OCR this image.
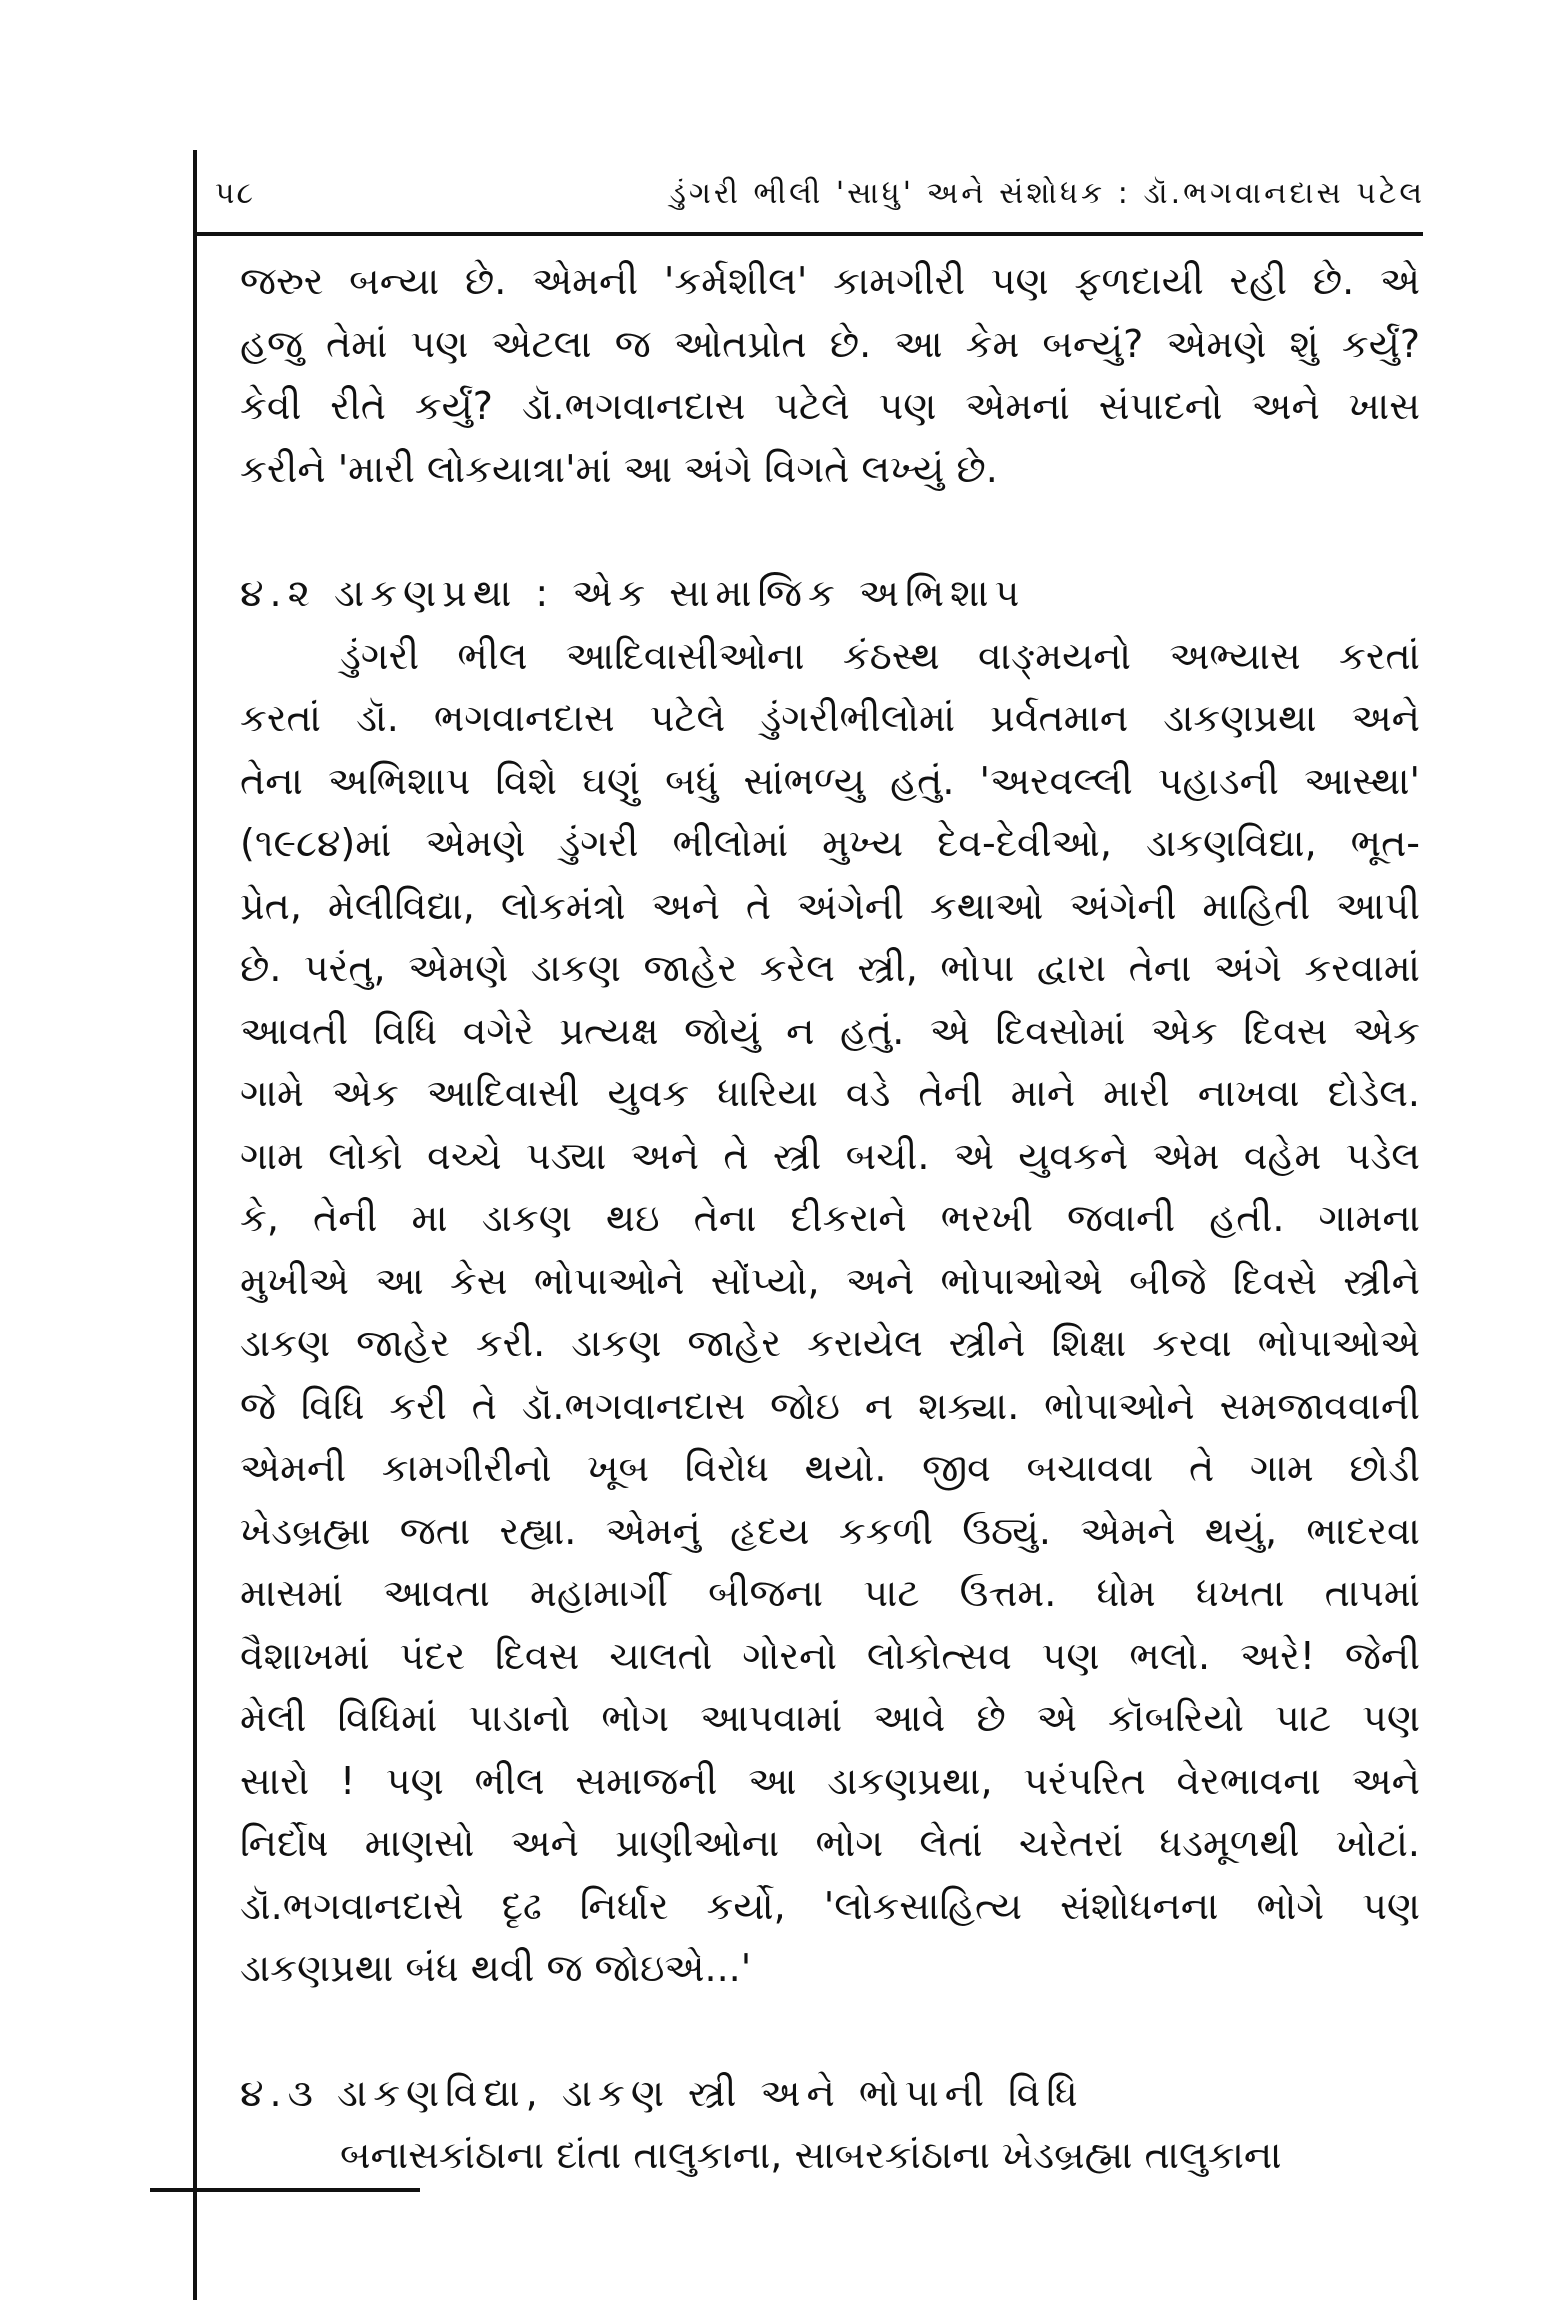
પ૮	ડુંગરી ભીલી 'સાધુ' અને સંશોધક : ડૉ.ભગવાનદાસ પટેલ
જરુર બન્યા છે. એમની 'કર્મશીલ' કામગીરી પણ ફળદાયી રહી છે. એ
હજુ તેમાં પણ એટલા જ ઓતપ્રોત છે. આ કેમ બન્યું? એમણે શું કર્યું?
કેવી રીતે કર્યું? ડૉ.ભગવાનદાસ પટેલે પણ એમનાં સંપાદનો અને ખાસ
કરીને 'મારી લોકયાત્રા'માં આ અંગે વિગતે લખ્યું છે.
૪.૨ ડાકણપ્રથા : એક સામાજિક અભિશાપ
ડુંગરી ભીલ આદિવાસીઓના કંઠસ્થ વાઙ્મયનો અભ્યાસ કરતાં
કરતાં ડૉ. ભગવાનદાસ પટેલે ડુંગરીભીલોમાં પ્રર્વતમાન ડાકણપ્રથા અને
તેના અભિશાપ વિશે ઘણું બધું સાંભળ્યુ હતું. 'અરવલ્લી પહાડની આસ્થા'
(૧૯૮૪)માં એમણે ડુંગરી ભીલોમાં મુખ્ય દેવ-દેવીઓ, ડાકણવિદ્યા, ભૂત-
પ્રેત, મેલીવિદ્યા, લોકમંત્રો અને તે અંગેની કથાઓ અંગેની માહિતી આપી
છે. પરંતુ, એમણે ડાકણ જાહેર કરેલ સ્ત્રી, ભોપા દ્વારા તેના અંગે કરવામાં
આવતી વિધિ વગેરે પ્રત્યક્ષ જોયું ન હતું. એ દિવસોમાં એક દિવસ એક
ગામે એક આદિવાસી યુવક ધારિયા વડે તેની માને મારી નાખવા દોડેલ.
ગામ લોકો વચ્ચે પડ્યા અને તે સ્ત્રી બચી. એ યુવકને એમ વહેમ પડેલ
કે, તેની મા ડાકણ થઇ તેના દીકરાને ભરખી જવાની હતી. ગામના
મુખીએ આ કેસ ભોપાઓને સોંપ્યો, અને ભોપાઓએ બીજે દિવસે સ્ત્રીને
ડાકણ જાહેર કરી. ડાકણ જાહેર કરાયેલ સ્ત્રીને શિક્ષા કરવા ભોપાઓએ
જે વિધિ કરી તે ડૉ.ભગવાનદાસ જોઇ ન શક્યા. ભોપાઓને સમજાવવાની
એમની કામગીરીનો ખૂબ વિરોધ થયો. જીવ બચાવવા તે ગામ છોડી
ખેડબ્રહ્મા જતા રહ્યા. એમનું હૃદય કકળી ઉઠ્યું. એમને થયું, ભાદરવા
માસમાં આવતા મહામાર્ગી બીજના પાટ ઉત્તમ. ધોમ ધખતા તાપમાં
વૈશાખમાં પંદર દિવસ ચાલતો ગોરનો લોકોત્સવ પણ ભલો. અરે! જેની
મેલી વિધિમાં પાડાનો ભોગ આપવામાં આવે છે એ કૉબરિયો પાટ પણ
સારો ! પણ ભીલ સમાજની આ ડાકણપ્રથા, પરંપરિત વેરભાવના અને
નિર્દોષ માણસો અને પ્રાણીઓના ભોગ લેતાં ચરેતરાં ધડમૂળથી ખોટાં.
ડૉ.ભગવાનદાસે દૃઢ નિર્ધાર કર્યો, 'લોકસાહિત્ય સંશોધનના ભોગે પણ
ડાકણપ્રથા બંધ થવી જ જોઇએ...'
૪.૩ ડાકણવિદ્યા, ડાકણ સ્ત્રી અને ભોપાની વિધિ
બનાસકાંઠાના દાંતા તાલુકાના, સાબરકાંઠાના ખેડબ્રહ્મા તાલુકાના
